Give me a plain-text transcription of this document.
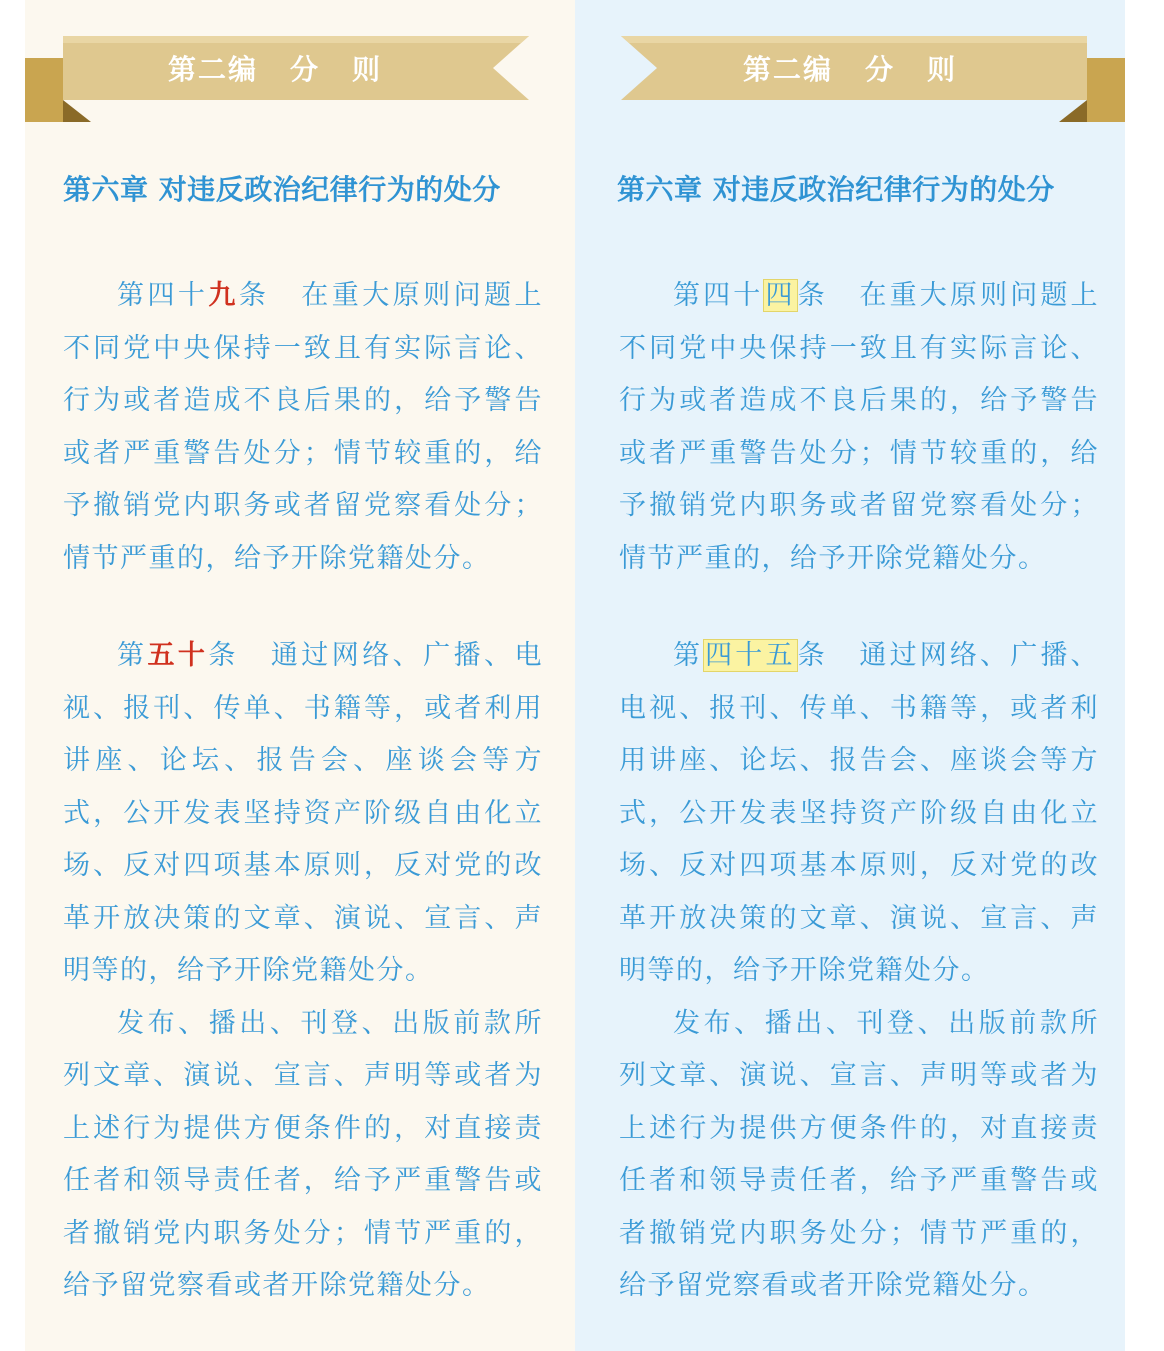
第二编 分 则
第六章 对违反政治纪律行为的处分

第四十九条 在重大原则问题上不同党中央保持一致且有实际言论、行为或者造成不良后果的，给予警告或者严重警告处分；情节较重的，给予撤销党内职务或者留党察看处分；情节严重的，给予开除党籍处分。

第五十条 通过网络、广播、电视、报刊、传单、书籍等，或者利用讲座、论坛、报告会、座谈会等方式，公开发表坚持资产阶级自由化立场、反对四项基本原则，反对党的改革开放决策的文章、演说、宣言、声明等的，给予开除党籍处分。

发布、播出、刊登、出版前款所列文章、演说、宣言、声明等或者为上述行为提供方便条件的，对直接责任者和领导责任者，给予严重警告或者撤销党内职务处分；情节严重的，给予留党察看或者开除党籍处分。

第二编 分 则
第六章 对违反政治纪律行为的处分

第四十四条 在重大原则问题上不同党中央保持一致且有实际言论、行为或者造成不良后果的，给予警告或者严重警告处分；情节较重的，给予撤销党内职务或者留党察看处分；情节严重的，给予开除党籍处分。

第四十五条 通过网络、广播、电视、报刊、传单、书籍等，或者利用讲座、论坛、报告会、座谈会等方式，公开发表坚持资产阶级自由化立场、反对四项基本原则，反对党的改革开放决策的文章、演说、宣言、声明等的，给予开除党籍处分。

发布、播出、刊登、出版前款所列文章、演说、宣言、声明等或者为上述行为提供方便条件的，对直接责任者和领导责任者，给予严重警告或者撤销党内职务处分；情节严重的，给予留党察看或者开除党籍处分。
